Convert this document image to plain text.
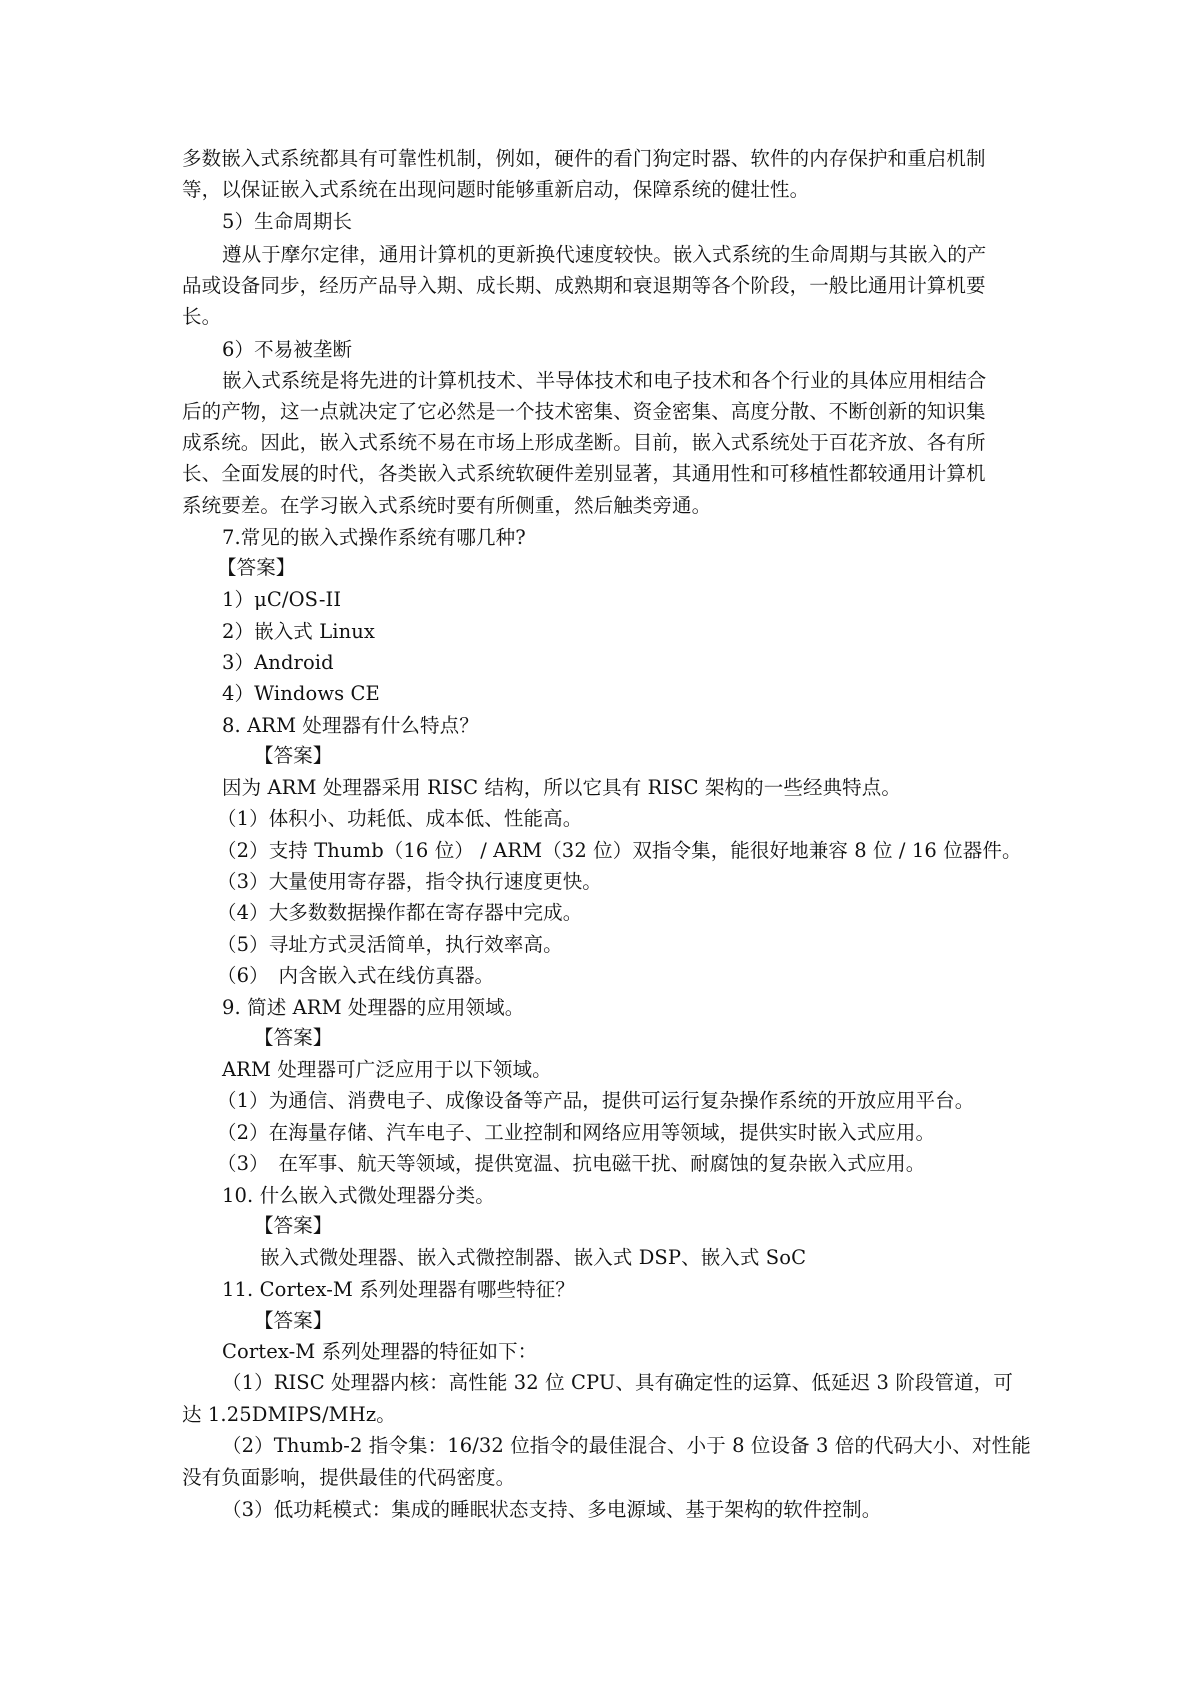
多数嵌入式系统都具有可靠性机制，例如，硬件的看门狗定时器、软件的内存保护和重启机制
等，以保证嵌入式系统在出现问题时能够重新启动，保障系统的健壮性。
5）生命周期长
遵从于摩尔定律，通用计算机的更新换代速度较快。嵌入式系统的生命周期与其嵌入的产
品或设备同步，经历产品导入期、成长期、成熟期和衰退期等各个阶段，一般比通用计算机要
长。
6）不易被垄断
嵌入式系统是将先进的计算机技术、半导体技术和电子技术和各个行业的具体应用相结合
后的产物，这一点就决定了它必然是一个技术密集、资金密集、高度分散、不断创新的知识集
成系统。因此，嵌入式系统不易在市场上形成垄断。目前，嵌入式系统处于百花齐放、各有所
长、全面发展的时代，各类嵌入式系统软硬件差别显著，其通用性和可移植性都较通用计算机
系统要差。在学习嵌入式系统时要有所侧重，然后触类旁通。
7.常见的嵌入式操作系统有哪几种?
【答案】
1）μC/OS-II
2）嵌入式 Linux
3）Android
4）Windows CE
8. ARM 处理器有什么特点？
【答案】
因为 ARM 处理器采用 RISC 结构，所以它具有 RISC 架构的一些经典特点。
（1）体积小、功耗低、成本低、性能高。
（2）支持 Thumb（16 位） / ARM（32 位）双指令集，能很好地兼容 8 位 / 16 位器件。
（3）大量使用寄存器，指令执行速度更快。
（4）大多数数据操作都在寄存器中完成。
（5）寻址方式灵活简单，执行效率高。
（6）　内含嵌入式在线仿真器。
9. 简述 ARM 处理器的应用领域。
【答案】
ARM 处理器可广泛应用于以下领域。
（1）为通信、消费电子、成像设备等产品，提供可运行复杂操作系统的开放应用平台。
（2）在海量存储、汽车电子、工业控制和网络应用等领域，提供实时嵌入式应用。
（3）　在军事、航天等领域，提供宽温、抗电磁干扰、耐腐蚀的复杂嵌入式应用。
10. 什么嵌入式微处理器分类。
【答案】
嵌入式微处理器、嵌入式微控制器、嵌入式 DSP、嵌入式 SoC
11. Cortex-M 系列处理器有哪些特征？
【答案】
Cortex-M 系列处理器的特征如下：
（1）RISC 处理器内核：高性能 32 位 CPU、具有确定性的运算、低延迟 3 阶段管道，可
达 1.25DMIPS/MHz。
（2）Thumb-2 指令集：16/32 位指令的最佳混合、小于 8 位设备 3 倍的代码大小、对性能
没有负面影响，提供最佳的代码密度。
（3）低功耗模式：集成的睡眠状态支持、多电源域、基于架构的软件控制。
